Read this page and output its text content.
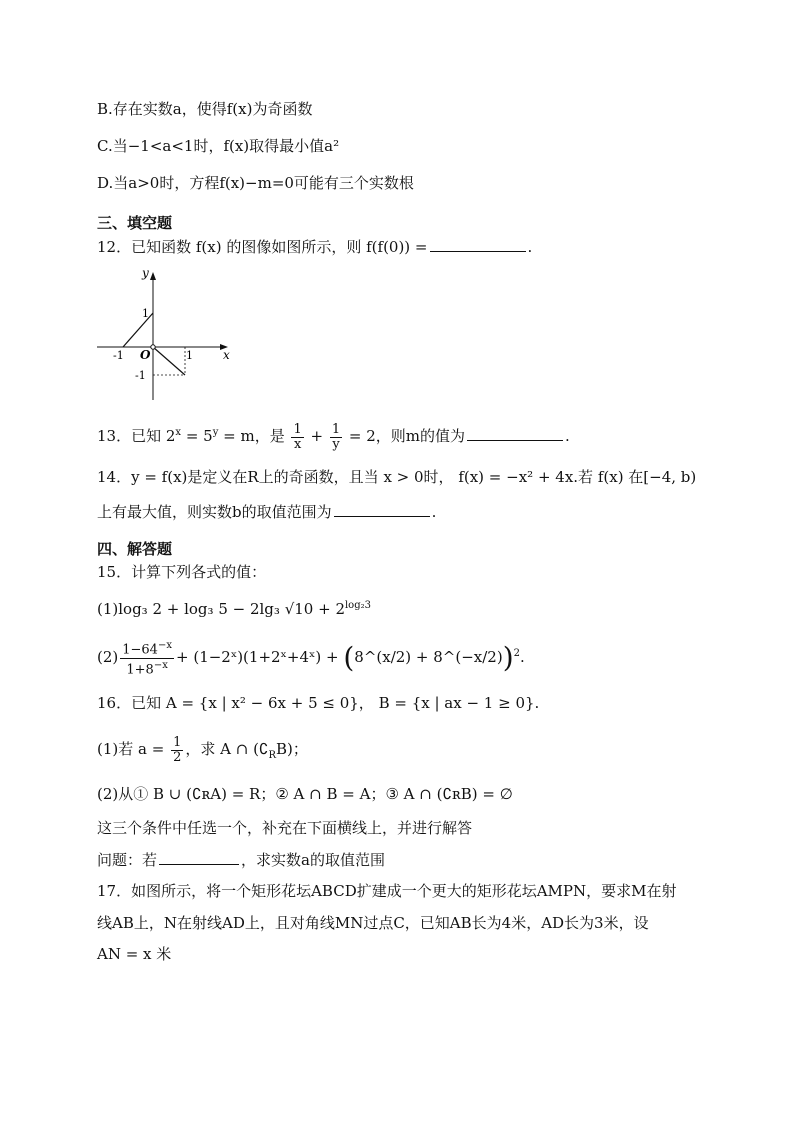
B.存在实数a，使得f(x)为奇函数
C.当−1<a<1时，f(x)取得最小值a²
D.当a>0时，方程f(x)−m=0可能有三个实数根
三、填空题
12．已知函数 f(x) 的图像如图所示，则 f(f(0)) =	.
y
x
O
-1	1
1
-1
13．已知 $2^x = 5^y = m$，是 $\frac{1}{x} + \frac{1}{y} = 2$，则m的值为	.
14．y = f(x)是定义在R上的奇函数，且当 x > 0时， f(x) = −x² + 4x.若 f(x) 在[−4, b)
上有最大值，则实数b的取值范围为	.
四、解答题
15．计算下列各式的值：
(1)log₃ 2 + log₃ 5 − 2lg₃ $√10 + 2^{log_23}$
$(2) \frac{1-64^{-x}}{1+8^{-x}}$ + (1−2ˣ)(1+2ˣ+4ˣ) + (8^(x/2) + 8^(−x/2))$^2$.
16．已知 A = {x | x² − 6x + 5 ≤ 0}， B = {x | ax − 1 ≥ 0}.
(1)若 $a = \frac{1}{2}$ ，求 A ∩ $(∁_RB)$；
(2)从① B ∪ (∁ʀA) = R；② A ∩ B = A；③ A ∩ (∁ʀB) = ∅
这三个条件中任选一个，补充在下面横线上，并进行解答
问题：若	，求实数a的取值范围
17．如图所示，将一个矩形花坛ABCD扩建成一个更大的矩形花坛AMPN，要求M在射
线AB上，N在射线AD上，且对角线MN过点C，已知AB长为4米，AD长为3米，设
AN = x 米
